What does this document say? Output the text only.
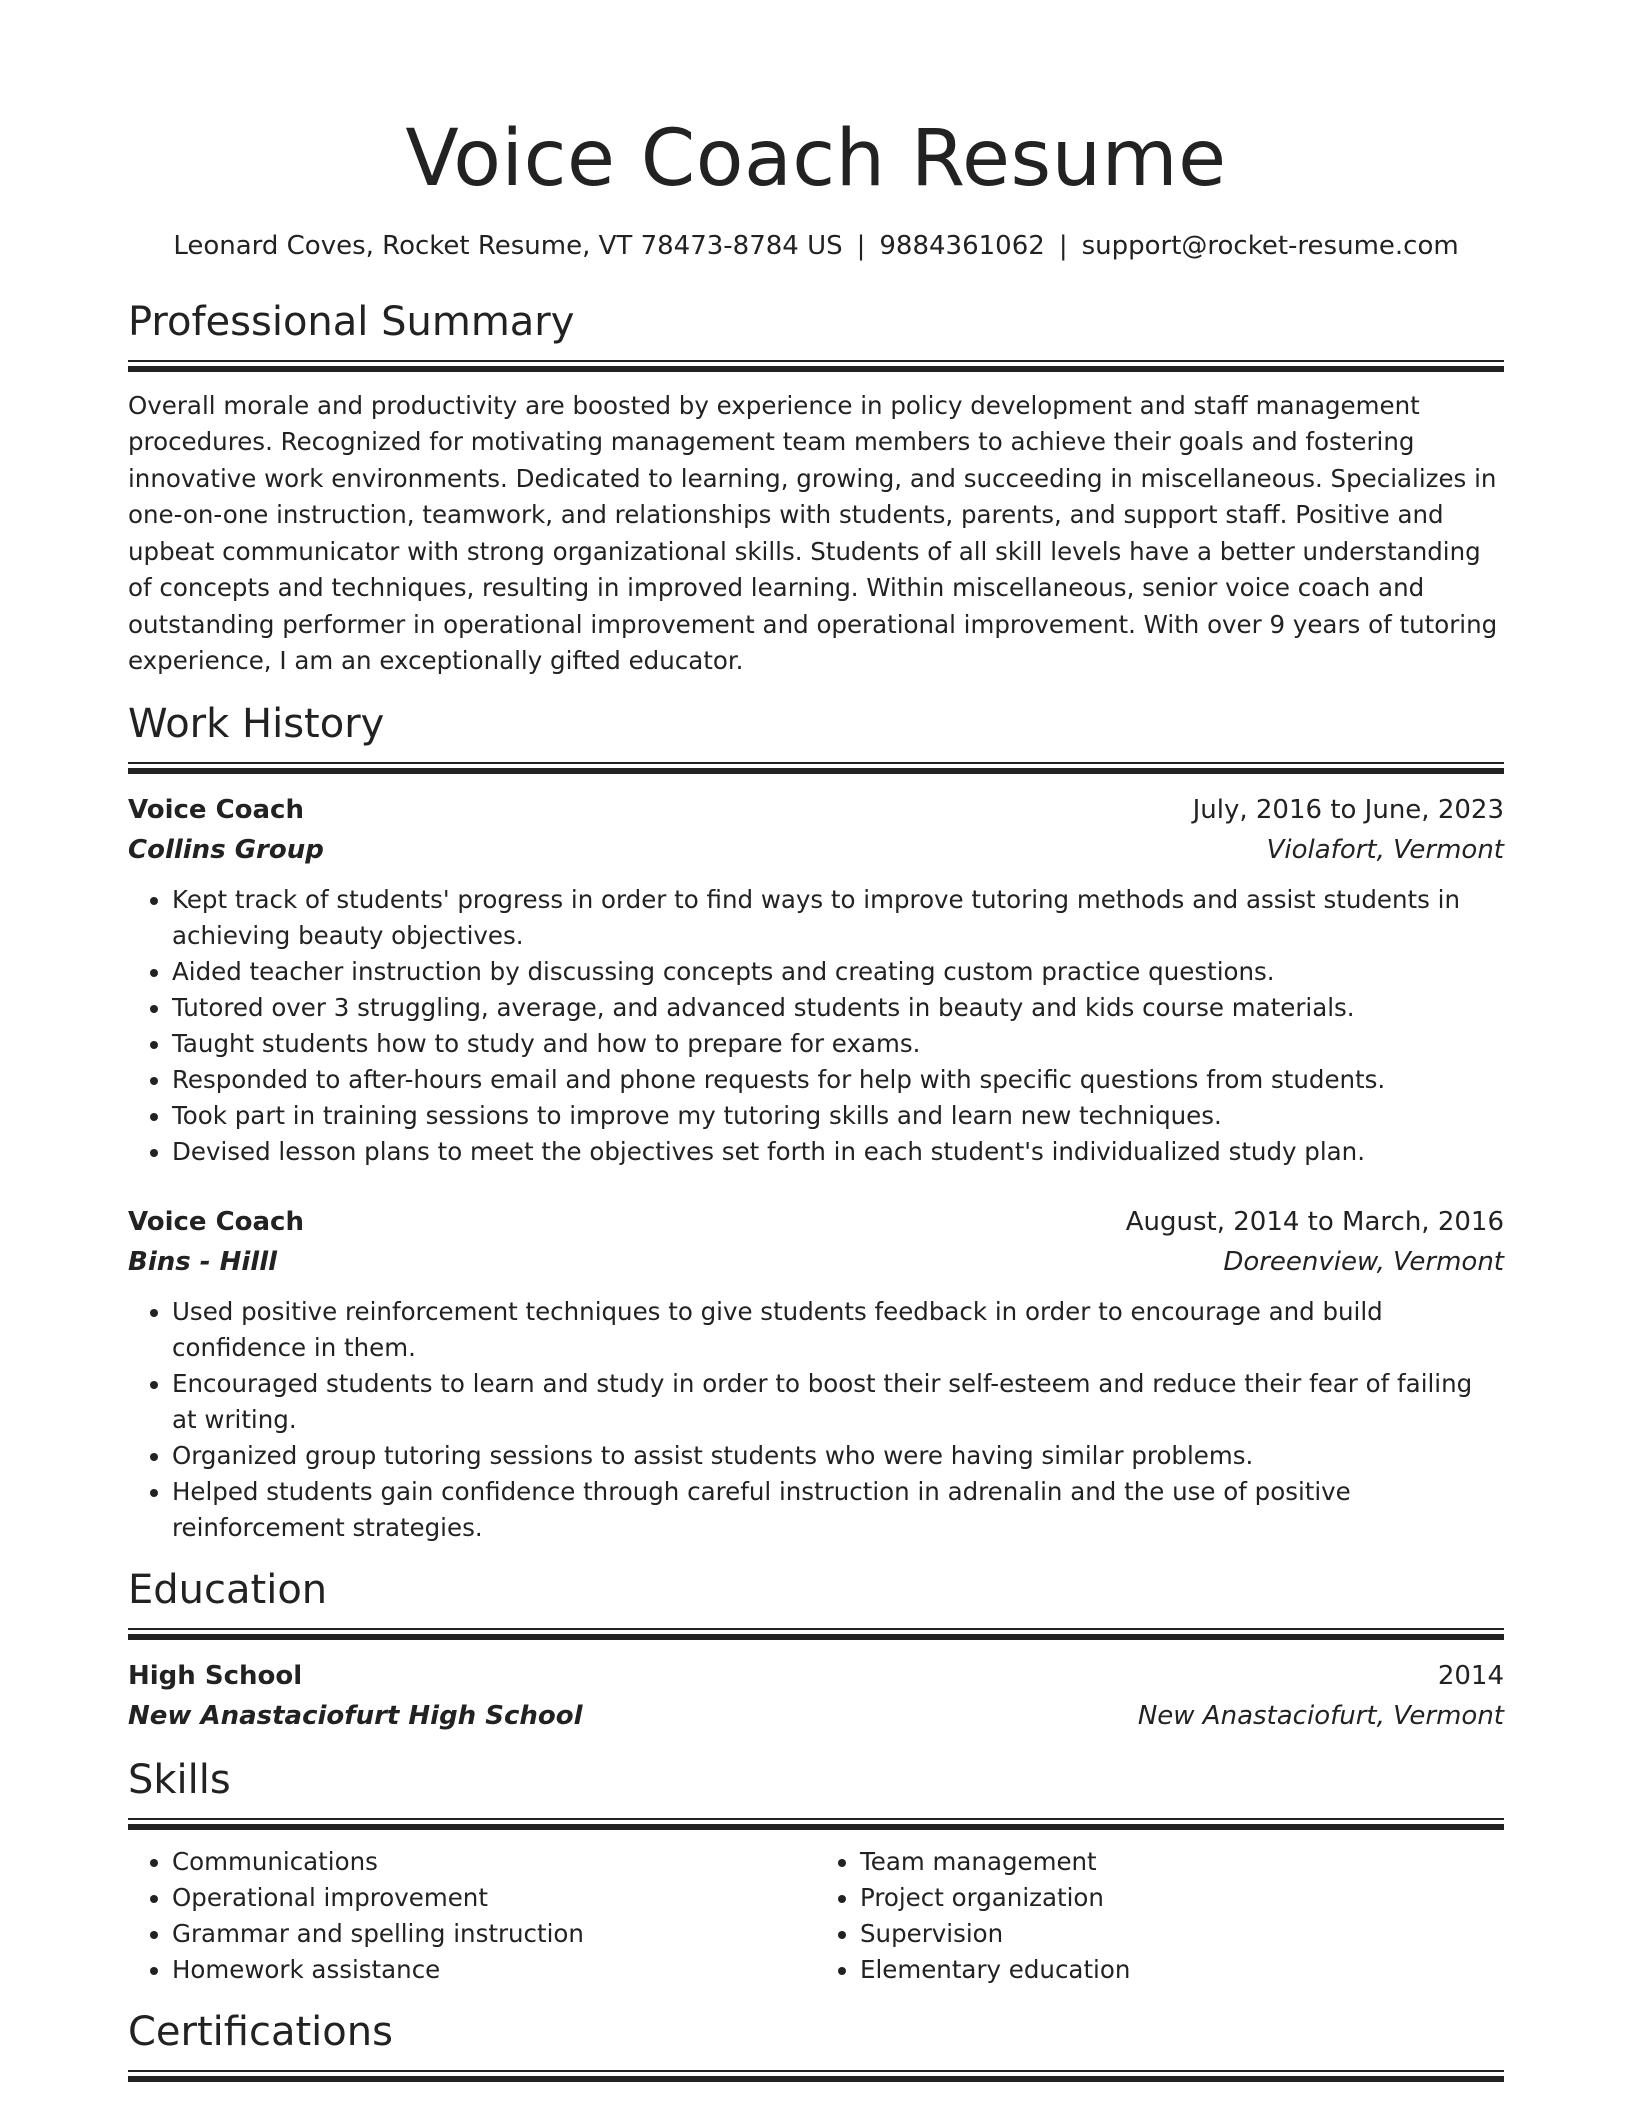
Voice Coach Resume
Leonard Coves, Rocket Resume, VT 78473-8784 US | 9884361062 | support@rocket-resume.com
Professional Summary
Overall morale and productivity are boosted by experience in policy development and staff management procedures. Recognized for motivating management team members to achieve their goals and fostering innovative work environments. Dedicated to learning, growing, and succeeding in miscellaneous. Specializes in one-on-one instruction, teamwork, and relationships with students, parents, and support staff. Positive and upbeat communicator with strong organizational skills. Students of all skill levels have a better understanding of concepts and techniques, resulting in improved learning. Within miscellaneous, senior voice coach and outstanding performer in operational improvement and operational improvement. With over 9 years of tutoring experience, I am an exceptionally gifted educator.
Work History
Voice Coach	July, 2016 to June, 2023
Collins Group	Violafort, Vermont
• Kept track of students' progress in order to find ways to improve tutoring methods and assist students in achieving beauty objectives.
• Aided teacher instruction by discussing concepts and creating custom practice questions.
• Tutored over 3 struggling, average, and advanced students in beauty and kids course materials.
• Taught students how to study and how to prepare for exams.
• Responded to after-hours email and phone requests for help with specific questions from students.
• Took part in training sessions to improve my tutoring skills and learn new techniques.
• Devised lesson plans to meet the objectives set forth in each student's individualized study plan.
Voice Coach	August, 2014 to March, 2016
Bins - Hilll	Doreenview, Vermont
• Used positive reinforcement techniques to give students feedback in order to encourage and build confidence in them.
• Encouraged students to learn and study in order to boost their self-esteem and reduce their fear of failing at writing.
• Organized group tutoring sessions to assist students who were having similar problems.
• Helped students gain confidence through careful instruction in adrenalin and the use of positive reinforcement strategies.
Education
High School	2014
New Anastaciofurt High School	New Anastaciofurt, Vermont
Skills
• Communications
• Operational improvement
• Grammar and spelling instruction
• Homework assistance
• Team management
• Project organization
• Supervision
• Elementary education
Certifications
